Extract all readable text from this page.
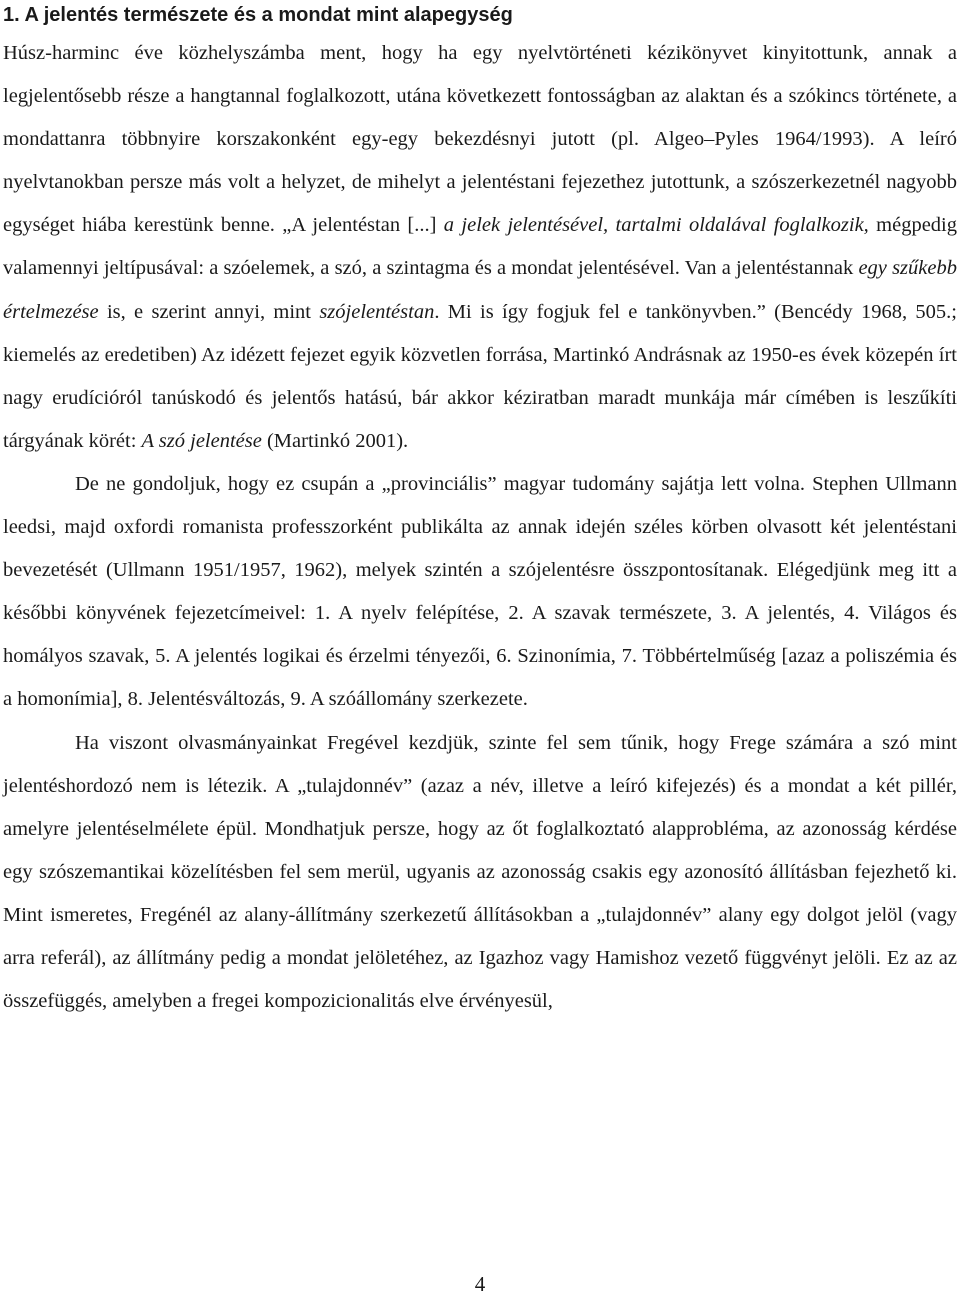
1. A jelentés természete és a mondat mint alapegység

Húsz-harminc éve közhelyszámba ment, hogy ha egy nyelvtörténeti kézikönyvet kinyitottunk, annak a legjelentősebb része a hangtannal foglalkozott, utána következett fontosságban az alaktan és a szókincs története, a mondattanra többnyire korszakonként egy-egy bekezdésnyi jutott (pl. Algeo–Pyles 1964/1993). A leíró nyelvtanokban persze más volt a helyzet, de mihelyt a jelentéstani fejezethez jutottunk, a szószerkezetnél nagyobb egységet hiába kerestünk benne. „A jelentéstan [...] a jelek jelentésével, tartalmi oldalával foglalkozik, mégpedig valamennyi jeltípusával: a szóelemek, a szó, a szintagma és a mondat jelentésével. Van a jelentéstannak egy szűkebb értelmezése is, e szerint annyi, mint szójelentéstan. Mi is így fogjuk fel e tankönyvben.” (Bencédy 1968, 505.; kiemelés az eredetiben) Az idézett fejezet egyik közvetlen forrása, Martinkó Andrásnak az 1950-es évek közepén írt nagy erudícióról tanúskodó és jelentős hatású, bár akkor kéziratban maradt munkája már címében is leszűkíti tárgyának körét: A szó jelentése (Martinkó 2001).

De ne gondoljuk, hogy ez csupán a „provinciális” magyar tudomány sajátja lett volna. Stephen Ullmann leedsi, majd oxfordi romanista professzorként publikálta az annak idején széles körben olvasott két jelentéstani bevezetését (Ullmann 1951/1957, 1962), melyek szintén a szójelentésre összpontosítanak. Elégedjünk meg itt a későbbi könyvének fejezetcímeivel: 1. A nyelv felépítése, 2. A szavak természete, 3. A jelentés, 4. Világos és homályos szavak, 5. A jelentés logikai és érzelmi tényezői, 6. Szinonímia, 7. Többértelműség [azaz a poliszémia és a homonímia], 8. Jelentésváltozás, 9. A szóállomány szerkezete.

Ha viszont olvasmányainkat Fregével kezdjük, szinte fel sem tűnik, hogy Frege számára a szó mint jelentéshordozó nem is létezik. A „tulajdonnév” (azaz a név, illetve a leíró kifejezés) és a mondat a két pillér, amelyre jelentéselmélete épül. Mondhatjuk persze, hogy az őt foglalkoztató alapprobléma, az azonosság kérdése egy szószemantikai közelítésben fel sem merül, ugyanis az azonosság csakis egy azonosító állításban fejezhető ki. Mint ismeretes, Fregénél az alany-állítmány szerkezetű állításokban a „tulajdonnév” alany egy dolgot jelöl (vagy arra referál), az állítmány pedig a mondat jelöletéhez, az Igazhoz vagy Hamishoz vezető függvényt jelöli. Ez az az összefüggés, amelyben a fregei kompozicionalitás elve érvényesül,

4
